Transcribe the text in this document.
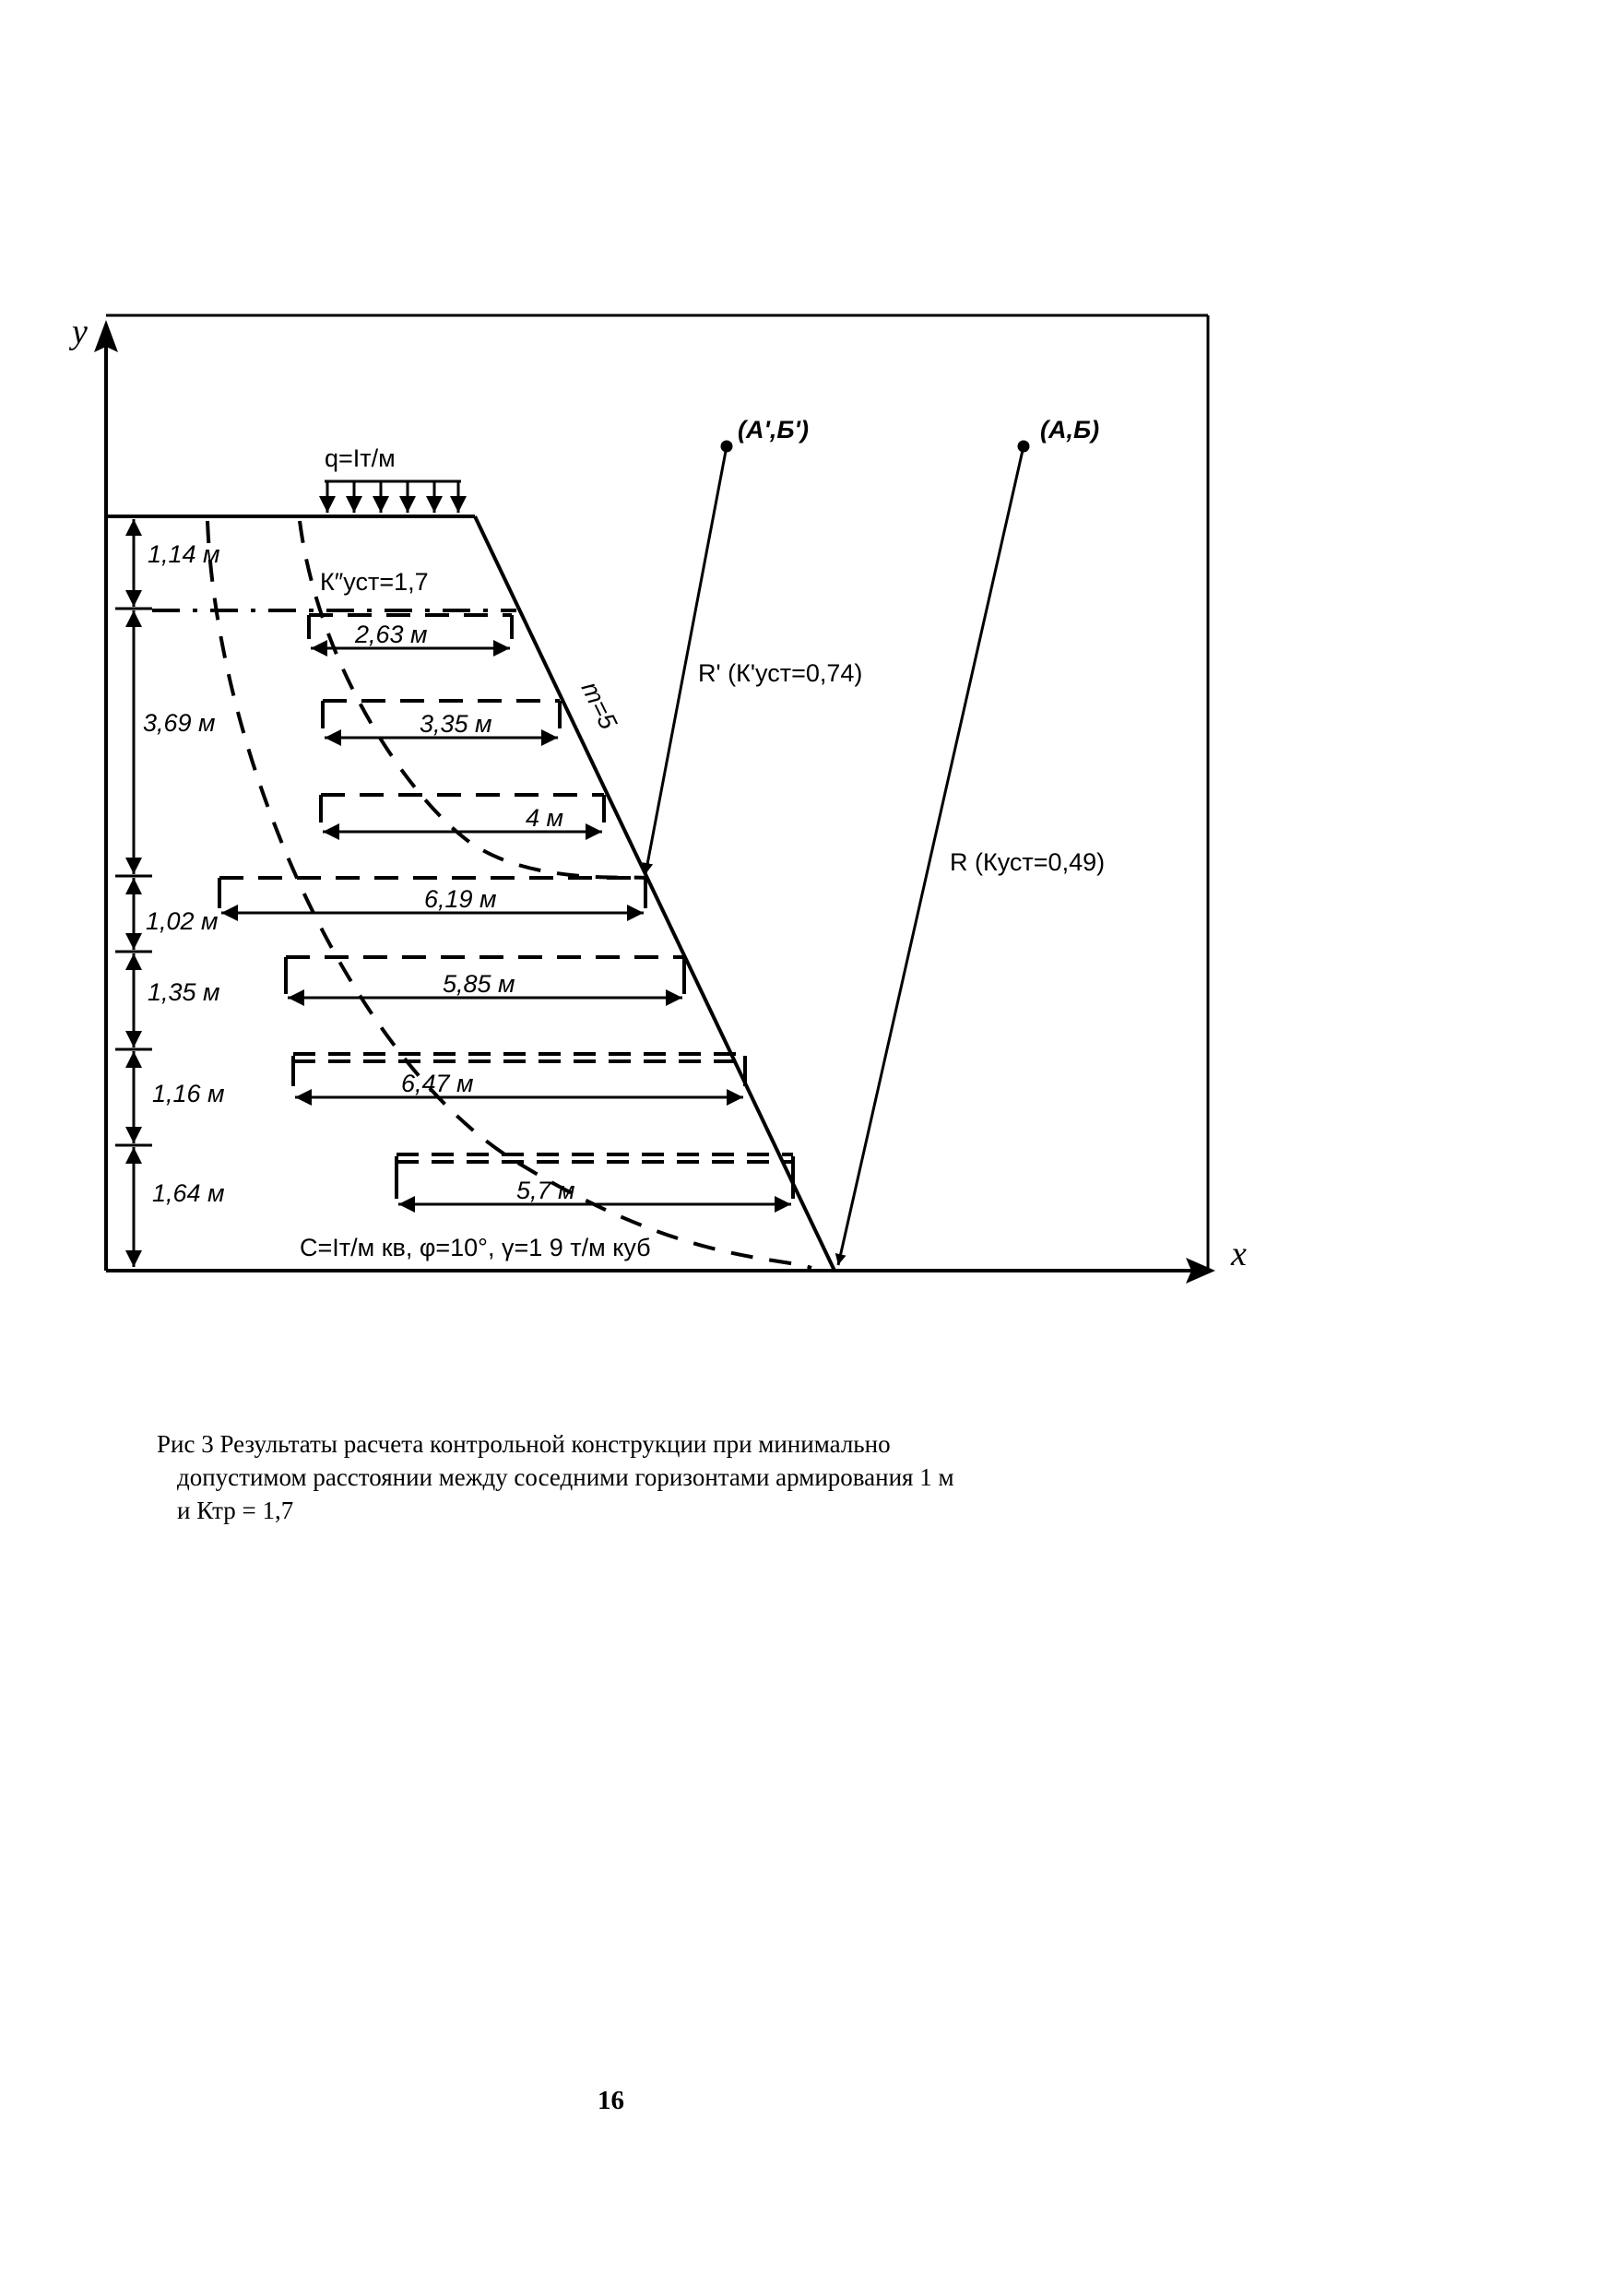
x
y
q=Iт/м
1,14 м
3,69 м
1,02 м
1,35 м
1,16 м
1,64 м
2,63 м
3,35 м
4 м
6,19 м
5,85 м
6,47 м
5,7 м
(А',Б')	(А,Б)
R' (К'уст=0,74)
R (Куст=0,49)
К″уст=1,7
m=5
С=Iт/м кв, φ=10°, γ=1 9 т/м куб
Рис 3 Результаты расчета контрольной конструкции при минимально
допустимом расстоянии между соседними горизонтами армирования 1 м
и Ктр = 1,7
16
